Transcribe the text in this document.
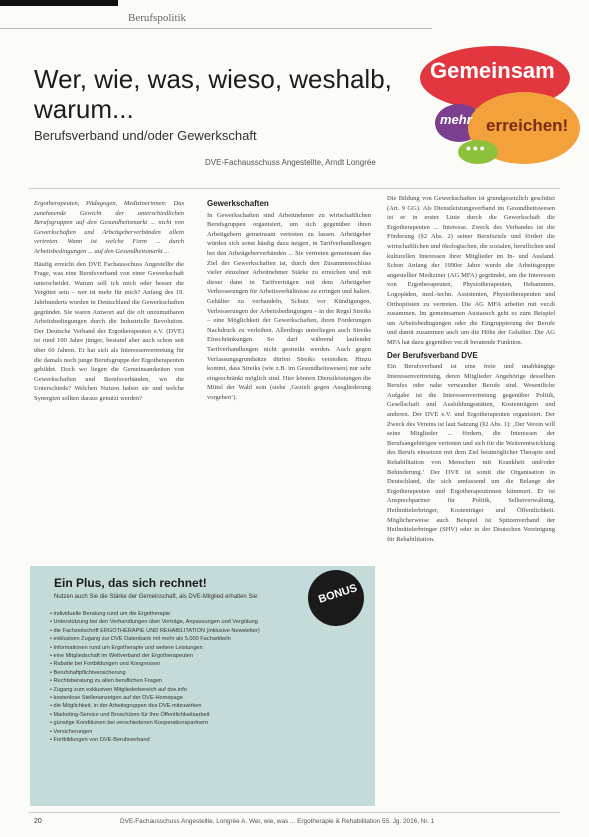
Berufspolitik
Wer, wie, was, wieso, weshalb, warum...
Berufsverband und/oder Gewerkschaft
DVE-Fachausschuss Angestellte, Arndt Longrée
Gemeinsam
mehr erreichen!
•••

Ergotherapeuten, Pädagogen, Medizinerinnen: Das zunehmende Gewicht der unterschiedlichen Berufsgruppen auf den Gesundheitsmarkt ... nicht von Gewerkschaften und Arbeitgeberverbänden allein vertreten. Wann ist welche Form ... durch Arbeitsbedingungen ... auf den Gesundheitsmarkt ...

Häufig erreicht den DVE Fachausschuss Angestellte die Frage, was eine Berufsverband von einer Gewerkschaft unterscheidet. Warum soll ich mich oder besser die Vergütet sein – wer ist mehr für mich? Anfang des 19. Jahrhunderts wurden in Deutschland die Gewerkschaften gegründet. Sie waren Antwort auf die oft unzumutbaren Arbeitsbedingungen durch die Industrielle Revolution. Der Deutsche Verband der Ergotherapeuten e.V. (DVE) ist rund 100 Jahre jünger, bestand aber auch schon seit über 60 Jahren. Er hat sich als Interessenvertretung für die damals noch junge Berufsgruppe der Ergotherapeuten gebildet. Doch wo liegen die Gemeinsamkeiten von Gewerkschaften und Berufsverbänden, wo die Unterschiede? Welchen Nutzen haben sie und welche Synergien sollten daraus genutzt werden?

Gewerkschaften

In Gewerkschaften sind Arbeitnehmer zu wirtschaftlichen Berufsgruppen organisiert, um sich gegenüber ihren Arbeitgebern gemeinsam vertreten zu lassen. Arbeitgeber würden sich sonst häufig dazu neigen, in Tarifverhandlungen bei den Arbeitgeberverbänden ... Sie vertreten gemeinsam das Ziel der Gewerkschaften ist, durch den Zusammenschluss vieler einzelner Arbeitnehmer Stärke zu erreichen und mit dieser dann in Tarifverträgen mit dem Arbeitgeber Verbesserungen für Arbeitsverhältnisse zu erringen und halten. Gehälter zu verhandeln, Schutz vor Kündigungen, Verbesserungen der Arbeitsbedingungen – in der Regel Streiks – eine Möglichkeit der Gewerkschaften, ihren Forderungen Nachdruck zu verleihen. Allerdings unterliegen auch Streiks Einschränkungen. So darf während laufender Tarifverhandlungen nicht gestreikt werden. Auch gegen Verfassungsgrundsätze dürfen Streiks verstoßen. Hinzu kommt, dass Streiks (wie z.B. im Gesundheitswesen) nur sehr eingeschränkt möglich sind. Hier können Dienstleistungen die Mittel der Wahl sein (siehe ‚Gezielt gegen Ausgliederung vorgehen‘).

Die Bildung von Gewerkschaften ist grundgesetzlich geschützt (Art. 9 GG). Als Dienstleistungsverband im Gesundheitswesen ist er in erster Linie durch die Gewerkschaft die Ergotherapeuten ... Interesse. Zweck des Verbandes ist die Förderung (§2 Abs. 2) seiner Berufsziele und fördert die wirtschaftlichen und ökologischen, die sozialen, beruflichen und kulturellen Interessen ihrer Mitglieder im In- und Ausland. Schon Anfang der 1990er Jahre wurde die Arbeitsgruppe angestellter Mediziner (AG MFA) gegründet, um die Interessen von Ergotherapeuten, Physiotherapeuten, Hebammen, Logopäden, med.-techn. Assistenten, Physiotherapeuten und Orthoptisten zu vertreten. Die AG MFA arbeitet mit ver.di zusammen. Im gemeinsamen Austausch geht es zum Beispiel um Arbeitsbedingungen oder die Eingruppierung der Berufe und damit zusammen auch um die Höhe der Gehälter. Die AG MFA hat dazu gegenüber ver.di beratende Funktion.

Der Berufsverband DVE

Ein Berufsverband ist eine freie und unabhängige Interessenvertretung, deren Mitglieder Angehörige desselben Berufes oder nahe verwandter Berufe sind. Wesentliche Aufgabe ist die Interessenvertretung gegenüber Politik, Gesellschaft und Ausbildungsstätten, Kostenträgern und anderen. Der DVE e.V. und Ergotherapeuten organisiert. Der Zweck des Vereins ist laut Satzung (§2 Abs. 1): ‚Der Verein will seine Mitglieder ... fördern, die Interessen der Berufsangehörigen vertreten und sich für die Weiterentwicklung des Berufs einsetzen mit dem Ziel bestmöglicher Therapie und Rehabilitation von Menschen mit Krankheit und/oder Behinderung.‘ Der DVE ist somit die Organisation in Deutschland, die sich umfassend um die Belange der Ergotherapeuten und Ergotherapeutinnen kümmert. Er ist Ansprechpartner für Politik, Selbstverwaltung, Heilmittelerbringer, Kostenträger und Öffentlichkeit. Möglicherweise auch Beispiel ist Spitzenverband der Heilmittelerbringer (SHV) oder in der Deutschen Vereinigung für Rehabilitation.

Ein Plus, das sich rechnet!
Nutzen auch Sie die Stärke der Gemeinschaft, als DVE-Mitglied erhalten Sie:	BONUS
• individuelle Beratung rund um die Ergotherapie
• Unterstützung bei den Verhandlungen über Verträge, Anpassungen und Vergütung
• die Fachzeitschrift ERGOTHERAPIE UND REHABILITATION (inklusive Newsletter)
• exklusiven Zugang zur DVE Datenbank mit mehr als 5.000 Fachartikeln
• Informationen rund um Ergotherapie und weitere Leistungen
• eine Mitgliedschaft im Weltverband der Ergotherapeuten
• Rabatte bei Fortbildungen und Kongressen
• Berufshaftpflichtversicherung
• Rechtsberatung zu allen beruflichen Fragen
• Zugang zum exklusiven Mitgliederbereich auf dve.info
• kostenlose Stellenanzeigen auf der DVE-Homepage
• die Möglichkeit, in der Arbeitsgruppen des DVE mitzuwirken
• Marketing-Service und Broschüren für Ihre Öffentlichkeitsarbeit
• günstige Konditionen bei verschiedenen Kooperationspartnern
• Versicherungen
• Fortbildungen von DVE-Berufsverband
20	DVE-Fachausschuss Angestellte, Longrée A. Wer, wie, was ... Ergotherapie & Rehabilitation 55. Jg. 2016, Nr. 1
